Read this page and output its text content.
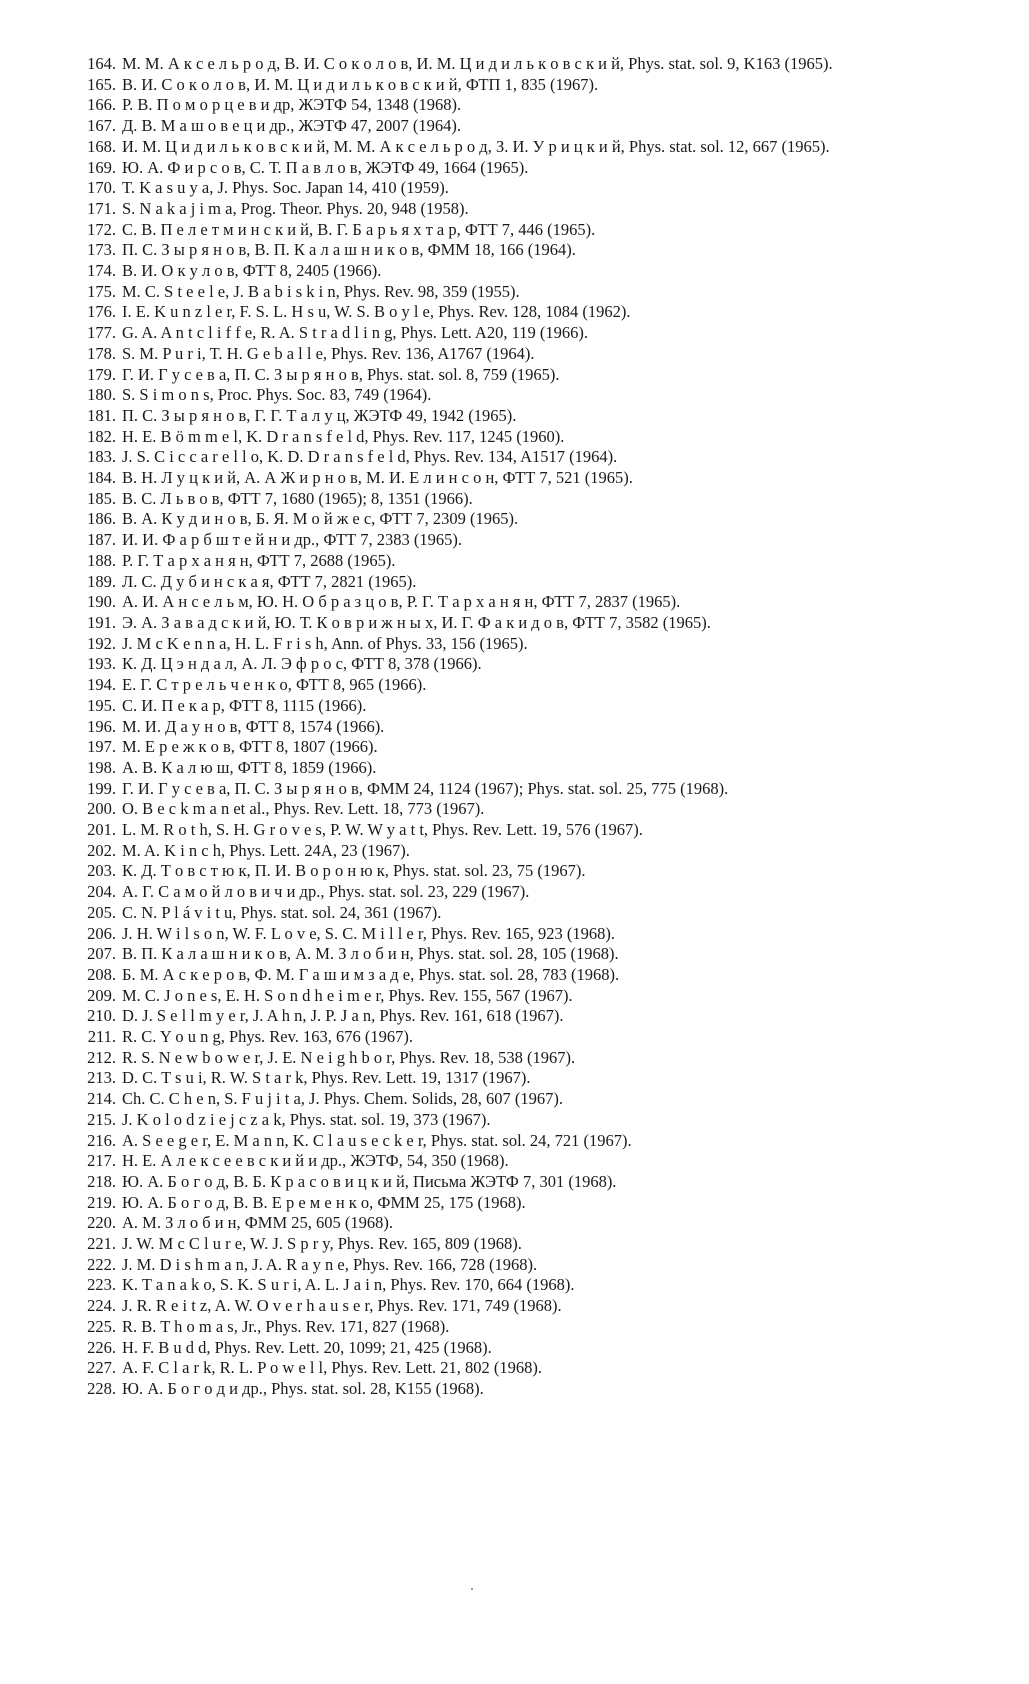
164. М. М. А к с е л ь р о д, В. И. С о к о л о в, И. М. Ц и д и л ь к о в с к и й, Phys. stat. sol. 9, K163 (1965).
165. В. И. С о к о л о в, И. М. Ц и д и л ь к о в с к и й, ФТП 1, 835 (1967).
166. Р. В. П о м о р ц е в и др, ЖЭТФ 54, 1348 (1968).
167. Д. В. М а ш о в е ц и др., ЖЭТФ 47, 2007 (1964).
168. И. М. Ц и д и л ь к о в с к и й, М. М. А к с е л ь р о д, З. И. У р и ц к и й, Phys. stat. sol. 12, 667 (1965).
169. Ю. А. Ф и р с о в, С. Т. П а в л о в, ЖЭТФ 49, 1664 (1965).
170. T. K a s u y a, J. Phys. Soc. Japan 14, 410 (1959).
171. S. N a k a j i m a, Prog. Theor. Phys. 20, 948 (1958).
172. С. В. П е л е т м и н с к и й, В. Г. Б а р ь я х т а р, ФТТ 7, 446 (1965).
173. П. С. З ы р я н о в, В. П. К а л а ш н и к о в, ФММ 18, 166 (1964).
174. В. И. О к у л о в, ФТТ 8, 2405 (1966).
175. M. C. S t e e l e, J. B a b i s k i n, Phys. Rev. 98, 359 (1955).
176. I. E. K u n z l e r, F. S. L. H s u, W. S. B o y l e, Phys. Rev. 128, 1084 (1962).
177. G. A. A n t c l i f f e, R. A. S t r a d l i n g, Phys. Lett. A20, 119 (1966).
178. S. M. P u r i, T. H. G e b a l l e, Phys. Rev. 136, A1767 (1964).
179. Г. И. Г у с е в а, П. С. З ы р я н о в, Phys. stat. sol. 8, 759 (1965).
180. S. S i m o n s, Proc. Phys. Soc. 83, 749 (1964).
181. П. С. З ы р я н о в, Г. Г. Т а л у ц, ЖЭТФ 49, 1942 (1965).
182. H. E. B ö m m e l, K. D r a n s f e l d, Phys. Rev. 117, 1245 (1960).
183. J. S. C i c c a r e l l o, K. D. D r a n s f e l d, Phys. Rev. 134, A1517 (1964).
184. В. Н. Л у ц к и й, А. А Ж и р н о в, М. И. Е л и н с о н, ФТТ 7, 521 (1965).
185. В. С. Л ь в о в, ФТТ 7, 1680 (1965); 8, 1351 (1966).
186. В. А. К у д и н о в, Б. Я. М о й ж е с, ФТТ 7, 2309 (1965).
187. И. И. Ф а р б ш т е й н и др., ФТТ 7, 2383 (1965).
188. Р. Г. Т а р х а н я н, ФТТ 7, 2688 (1965).
189. Л. С. Д у б и н с к а я, ФТТ 7, 2821 (1965).
190. А. И. А н с е л ь м, Ю. Н. О б р а з ц о в, Р. Г. Т а р х а н я н, ФТТ 7, 2837 (1965).
191. Э. А. З а в а д с к и й, Ю. Т. К о в р и ж н ы х, И. Г. Ф а к и д о в, ФТТ 7, 3582 (1965).
192. J. M c K e n n a, H. L. F r i s h, Ann. of Phys. 33, 156 (1965).
193. К. Д. Ц э н д а л, А. Л. Э ф р о с, ФТТ 8, 378 (1966).
194. Е. Г. С т р е л ь ч е н к о, ФТТ 8, 965 (1966).
195. С. И. П е к а р, ФТТ 8, 1115 (1966).
196. М. И. Д а у н о в, ФТТ 8, 1574 (1966).
197. М. Е р е ж к о в, ФТТ 8, 1807 (1966).
198. А. В. К а л ю ш, ФТТ 8, 1859 (1966).
199. Г. И. Г у с е в а, П. С. З ы р я н о в, ФММ 24, 1124 (1967); Phys. stat. sol. 25, 775 (1968).
200. O. B e c k m a n et al., Phys. Rev. Lett. 18, 773 (1967).
201. L. M. R o t h, S. H. G r o v e s, P. W. W y a t t, Phys. Rev. Lett. 19, 576 (1967).
202. M. A. K i n c h, Phys. Lett. 24A, 23 (1967).
203. К. Д. Т о в с т ю к, П. И. В о р о н ю к, Phys. stat. sol. 23, 75 (1967).
204. А. Г. С а м о й л о в и ч и др., Phys. stat. sol. 23, 229 (1967).
205. C. N. P l á v i t u, Phys. stat. sol. 24, 361 (1967).
206. J. H. W i l s o n, W. F. L o v e, S. C. M i l l e r, Phys. Rev. 165, 923 (1968).
207. В. П. К а л а ш н и к о в, А. М. З л о б и н, Phys. stat. sol. 28, 105 (1968).
208. Б. М. А с к е р о в, Ф. М. Г а ш и м з а д е, Phys. stat. sol. 28, 783 (1968).
209. M. C. J o n e s, E. H. S o n d h e i m e r, Phys. Rev. 155, 567 (1967).
210. D. J. S e l l m y e r, J. A h n, J. P. J a n, Phys. Rev. 161, 618 (1967).
211. R. C. Y o u n g, Phys. Rev. 163, 676 (1967).
212. R. S. N e w b o w e r, J. E. N e i g h b o r, Phys. Rev. 18, 538 (1967).
213. D. C. T s u i, R. W. S t a r k, Phys. Rev. Lett. 19, 1317 (1967).
214. Ch. C. C h e n, S. F u j i t a, J. Phys. Chem. Solids, 28, 607 (1967).
215. J. K o l o d z i e j c z a k, Phys. stat. sol. 19, 373 (1967).
216. A. S e e g e r, E. M a n n, K. C l a u s e c k e r, Phys. stat. sol. 24, 721 (1967).
217. Н. Е. А л е к с е е в с к и й и др., ЖЭТФ, 54, 350 (1968).
218. Ю. А. Б о г о д, В. Б. К р а с о в и ц к и й, Письма ЖЭТФ 7, 301 (1968).
219. Ю. А. Б о г о д, В. В. Е р е м е н к о, ФММ 25, 175 (1968).
220. А. М. З л о б и н, ФММ 25, 605 (1968).
221. J. W. M c C l u r e, W. J. S p r y, Phys. Rev. 165, 809 (1968).
222. J. M. D i s h m a n, J. A. R a y n e, Phys. Rev. 166, 728 (1968).
223. K. T a n a k o, S. K. S u r i, A. L. J a i n, Phys. Rev. 170, 664 (1968).
224. J. R. R e i t z, A. W. O v e r h a u s e r, Phys. Rev. 171, 749 (1968).
225. R. B. T h o m a s, Jr., Phys. Rev. 171, 827 (1968).
226. H. F. B u d d, Phys. Rev. Lett. 20, 1099; 21, 425 (1968).
227. A. F. C l a r k, R. L. P o w e l l, Phys. Rev. Lett. 21, 802 (1968).
228. Ю. А. Б о г о д и др., Phys. stat. sol. 28, K155 (1968).
